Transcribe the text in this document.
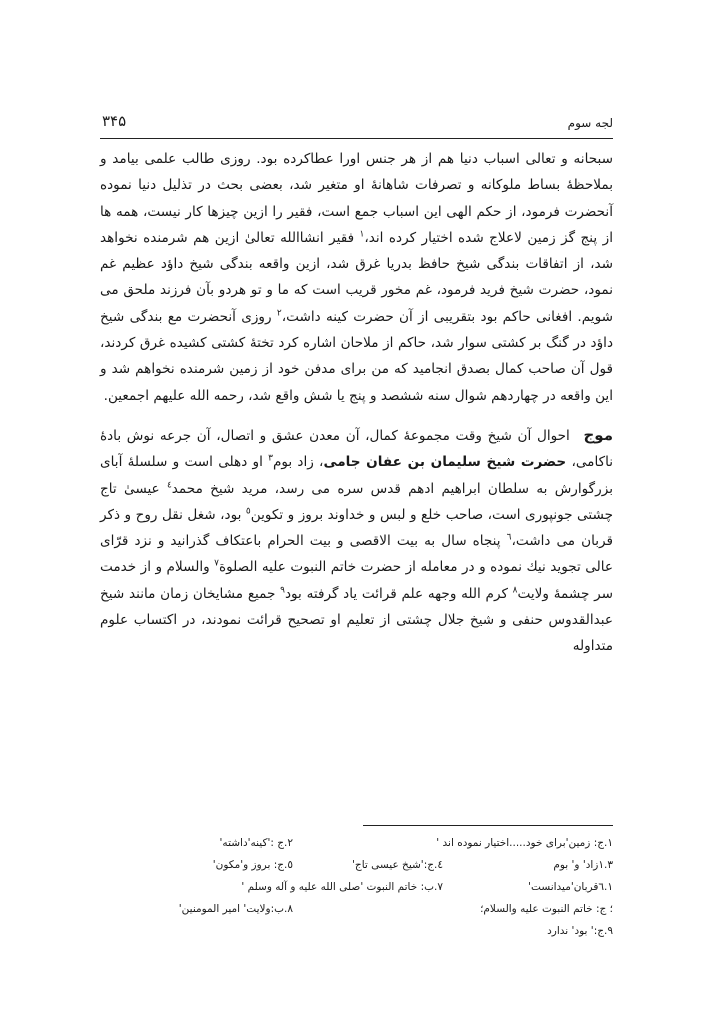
لجه سوم
۳۴۵

سبحانه و تعالی اسباب دنیا هم از هر جنس اورا عطاکرده بود. روزی طالب علمی بیامد و بملاحظهٔ بساط ملوکانه و تصرفات شاهانهٔ او متغیر شد، بعضی بحث در تذلیل دنیا نموده آنحضرت فرمود، از حکم الهی این اسباب جمع است، فقیر را ازین چیزها کار نیست، همه ها از پنج گز زمین لاعلاج شده اختیار کرده اند،$^۱$ فقیر انشاالله تعالیٰ ازین هم شرمنده نخواهد شد، از اتفاقات بندگی شیخ حافظ بدریا غرق شد، ازین واقعه بندگی شیخ داؤد عظیم غم نمود، حضرت شیخ فرید فرمود، غم مخور قریب است که ما و تو هردو بآن فرزند ملحق می شویم. افغانی حاکم بود بتقریبی از آن حضرت کینه داشت،$^۲$ روزی آنحضرت مع بندگی شیخ داؤد در گنگ بر کشتی سوار شد، حاکم از ملاحان اشاره کرد تختهٔ کشتی کشیده غرق کردند، قول آن صاحب کمال بصدق انجامید که من برای مدفن خود از زمین شرمنده نخواهم شد و این واقعه در چهاردهم شوال سنه ششصد و پنج یا شش واقع شد، رحمه الله علیهم اجمعین.

موج احوال آن شیخ وقت مجموعهٔ کمال، آن معدن عشق و اتصال، آن جرعه نوش بادهٔ ناکامی، حضرت شیخ سلیمان بن عفان جامی، زاد بوم$^۳$ او دهلی است و سلسلهٔ آبای بزرگوارش به سلطان ابراهیم ادهم قدس سره می رسد، مرید شیخ محمد$^٤$ عیسیٰ تاج چشتی جونپوری است، صاحب خلع و لبس و خداوند بروز و تکوین$^٥$ بود، شغل نقل روح و ذکر قربان می داشت،$^٦$ پنجاه سال به بیت الاقصی و بیت الحرام باعتکاف گذرانید و نزد قرّای عالی تجوید نیك نموده و در معامله از حضرت خاتم النبوت علیه الصلوة$^۷$ والسلام و از خدمت سر چشمهٔ ولایت$^۸$ کرم الله وجهه علم قرائت یاد گرفته بود$^۹$ جمیع مشایخان زمان مانند شیخ عبدالقدوس حنفی و شیخ جلال چشتی از تعلیم او تصحیح قرائت نمودند، در اکتساب علوم متداوله

۱.ج: زمین'برای خود.....اختیار نموده اند '
۲.ج :'کینه'داشته'
۱.۳زاد' و' بوم
٤.ج:'شیخ عیسی تاج'
٥.ج: بروز و'مکون'
۱.٦قربان'میدانست'
۷.ب: خاتم النبوت 'صلی الله علیه و آله وسلم '
؛ ج: خاتم النبوت علیه والسلام؛
۸.ب:ولایت' امیر المومنین'
۹.ج:' بود' ندارد
